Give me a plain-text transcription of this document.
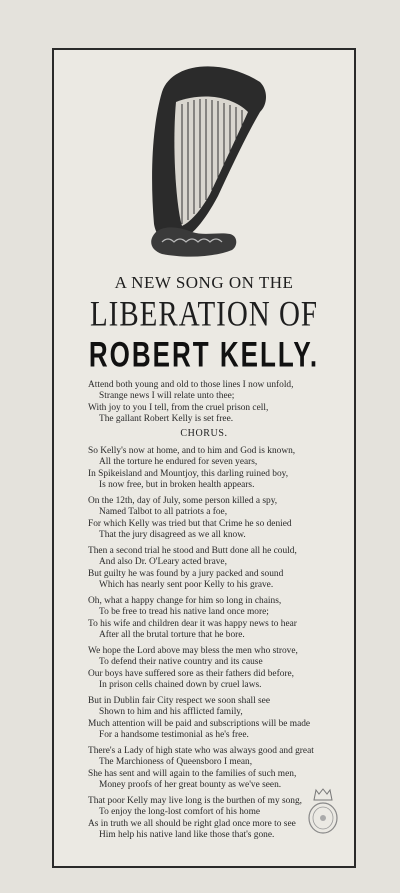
A NEW SONG ON THE
LIBERATION OF
ROBERT KELLY.
Attend both young and old to those lines I now unfold,
Strange news I will relate unto thee;
With joy to you I tell, from the cruel prison cell,
The gallant Robert Kelly is set free.
CHORUS.
So Kelly's now at home, and to him and God is known,
All the torture he endured for seven years,
In Spikeisland and Mountjoy, this darling ruined boy,
Is now free, but in broken health appears.
On the 12th, day of July, some person killed a spy,
Named Talbot to all patriots a foe,
For which Kelly was tried but that Crime he so denied
That the jury disagreed as we all know.
Then a second trial he stood and Butt done all he could,
And also Dr. O'Leary acted brave,
But guilty he was found by a jury packed and sound
Which has nearly sent poor Kelly to his grave.
Oh, what a happy change for him so long in chains,
To be free to tread his native land once more;
To his wife and children dear it was happy news to hear
After all the brutal torture that he bore.
We hope the Lord above may bless the men who strove,
To defend their native country and its cause
Our boys have suffered sore as their fathers did before,
In prison cells chained down by cruel laws.
But in Dublin fair City respect we soon shall see
Shown to him and his afflicted family,
Much attention will be paid and subscriptions will be made
For a handsome testimonial as he's free.
There's a Lady of high state who was always good and great
The Marchioness of Queensboro I mean,
She has sent and will again to the families of such men,
Money proofs of her great bounty as we've seen.
That poor Kelly may live long is the burthen of my song,
To enjoy the long-lost comfort of his home
As in truth we all should be right glad once more to see
Him help his native land like those that's gone.
